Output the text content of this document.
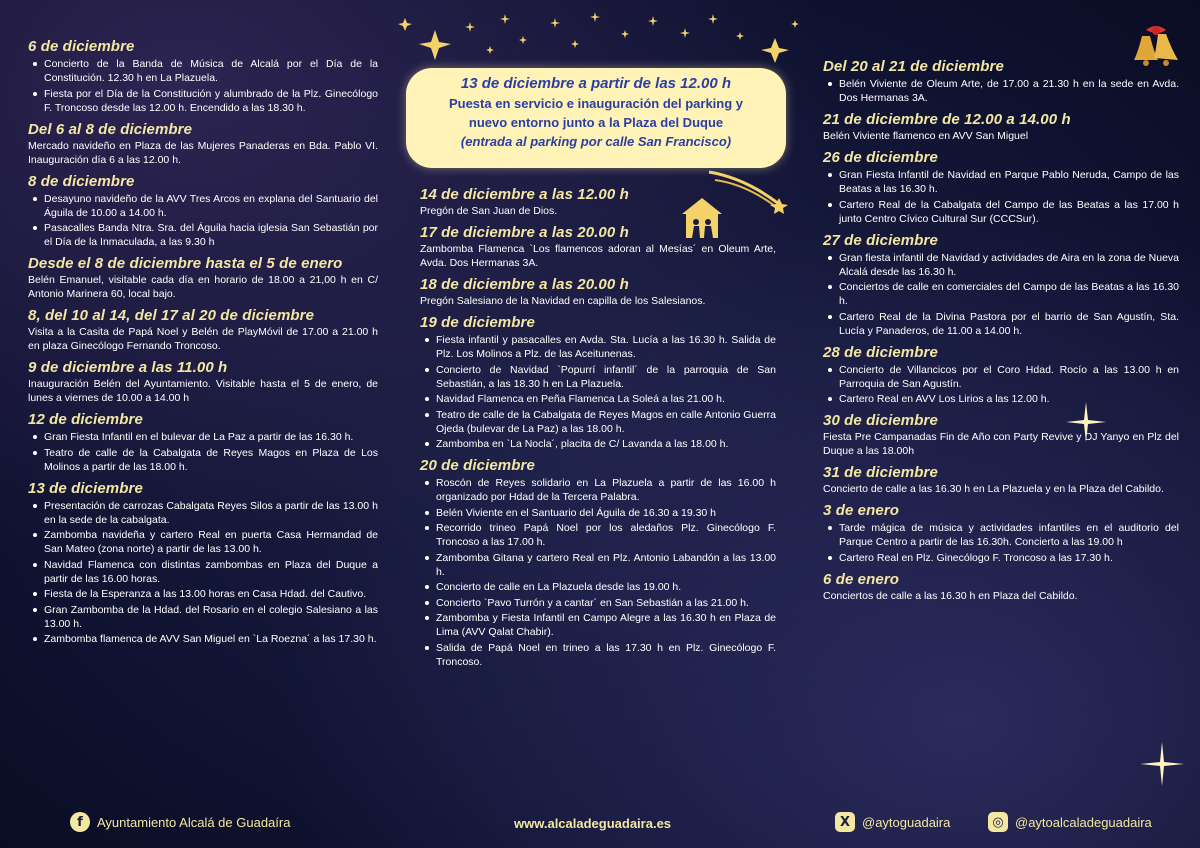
13 de diciembre a partir de las 12.00 h
Puesta en servicio e inauguración del parking y
nuevo entorno junto a la Plaza del Duque
(entrada al parking por calle San Francisco)
6 de diciembre
Concierto de la Banda de Música de Alcalá por el Día de la Constitución. 12.30 h en La Plazuela.
Fiesta por el Día de la Constitución y alumbrado de la Plz. Ginecólogo F. Troncoso desde las 12.00 h. Encendido a las 18.30 h.
Del 6 al 8 de diciembre
Mercado navideño en Plaza de las Mujeres Panaderas en Bda. Pablo VI. Inauguración día 6 a las 12.00 h.
8 de diciembre
Desayuno navideño de la AVV Tres Arcos en explana del Santuario del Águila de 10.00 a 14.00 h.
Pasacalles Banda Ntra. Sra. del Águila hacia iglesia San Sebastián por el Día de la Inmaculada, a las 9.30 h
Desde el 8 de diciembre hasta el 5 de enero
Belén Emanuel, visitable cada día en horario de 18.00 a 21,00 h en C/ Antonio Marinera 60, local bajo.
8, del 10 al 14, del 17 al 20 de diciembre
Visita a la Casita de Papá Noel y Belén de PlayMóvil de 17.00 a 21.00 h en plaza Ginecólogo Fernando Troncoso.
9 de diciembre a las 11.00 h
Inauguración Belén del Ayuntamiento. Visitable hasta el 5 de enero, de lunes a viernes de 10.00 a 14.00 h
12 de diciembre
Gran Fiesta Infantil en el bulevar de La Paz a partir de las 16.30 h.
Teatro de calle de la Cabalgata de Reyes Magos en Plaza de Los Molinos a partir de las 18.00 h.
13 de diciembre
Presentación de carrozas Cabalgata Reyes Silos a partir de las 13.00 h en la sede de la cabalgata.
Zambomba navideña y cartero Real en puerta Casa Hermandad de San Mateo (zona norte) a partir de las 13.00 h.
Navidad Flamenca con distintas zambombas en Plaza del Duque a partir de las 16.00 horas.
Fiesta de la Esperanza a las 13.00 horas en Casa Hdad. del Cautivo.
Gran Zambomba de la Hdad. del Rosario en el colegio Salesiano a las 13.00 h.
Zambomba flamenca de AVV San Miguel en `La Roezna´ a las 17.30 h.
14 de diciembre a las 12.00 h
Pregón de San Juan de Dios.
17 de diciembre a las 20.00 h
Zambomba Flamenca `Los flamencos adoran al Mesías´ en Oleum Arte, Avda. Dos Hermanas 3A.
18 de diciembre a las 20.00 h
Pregón Salesiano de la Navidad en capilla de los Salesianos.
19 de diciembre
Fiesta infantil y pasacalles en Avda. Sta. Lucía a las 16.30 h. Salida de Plz. Los Molinos a Plz. de las Aceitunenas.
Concierto de Navidad `Popurrí infantil´ de la parroquia de San Sebastián, a las 18.30 h en La Plazuela.
Navidad Flamenca en Peña Flamenca La Soleá a las 21.00 h.
Teatro de calle de la Cabalgata de Reyes Magos en calle Antonio Guerra Ojeda (bulevar de La Paz) a las 18.00 h.
Zambomba en `La Nocla´, placita de C/ Lavanda a las 18.00 h.
20 de diciembre
Roscón de Reyes solidario en La Plazuela a partir de las 16.00 h organizado por Hdad de la Tercera Palabra.
Belén Viviente en el Santuario del Águila de 16.30 a 19.30 h
Recorrido trineo Papá Noel por los aledaños Plz. Ginecólogo F. Troncoso a las 17.00 h.
Zambomba Gitana y cartero Real en Plz. Antonio Labandón a las 13.00 h.
Concierto de calle en La Plazuela desde las 19.00 h.
Concierto `Pavo Turrón y a cantar´ en San Sebastián a las 21.00 h.
Zambomba y Fiesta Infantil en Campo Alegre a las 16.30 h en Plaza de Lima (AVV Qalat Chabir).
Salida de Papá Noel en trineo a las 17.30 h en Plz. Ginecólogo F. Troncoso.
Del 20 al 21 de diciembre
Belén Viviente de Oleum Arte, de 17.00 a 21.30 h en la sede en Avda. Dos Hermanas 3A.
21 de diciembre de 12.00 a 14.00 h
Belén Viviente flamenco en AVV San Miguel
26 de diciembre
Gran Fiesta Infantil de Navidad en Parque Pablo Neruda, Campo de las Beatas a las 16.30 h.
Cartero Real de la Cabalgata del Campo de las Beatas a las 17.00 h junto Centro Cívico Cultural Sur (CCCSur).
27 de diciembre
Gran fiesta infantil de Navidad y actividades de Aira en la zona de Nueva Alcalá desde las 16.30 h.
Conciertos de calle en comerciales del Campo de las Beatas a las 16.30 h.
Cartero Real de la Divina Pastora por el barrio de San Agustín, Sta. Lucía y Panaderos, de 11.00 a 14.00 h.
28 de diciembre
Concierto de Villancicos por el Coro Hdad. Rocío a las 13.00 h en Parroquia de San Agustín.
Cartero Real en AVV Los Lirios a las 12.00 h.
30 de diciembre
Fiesta Pre Campanadas Fin de Año con Party Revive y DJ Yanyo en Plz del Duque a las 18.00h
31 de diciembre
Concierto de calle a las 16.30 h en La Plazuela y en la Plaza del Cabildo.
3 de enero
Tarde mágica de música y actividades infantiles en el auditorio del Parque Centro a partir de las 16.30h. Concierto a las 19.00 h
Cartero Real en Plz. Ginecólogo F. Troncoso a las 17.30 h.
6 de enero
Conciertos de calle a las 16.30 h en Plaza del Cabildo.
f	Ayuntamiento Alcalá de Guadaíra	www.alcaladeguadaira.es	X @aytoguadaira	◎ @aytoalcaladeguadaira
